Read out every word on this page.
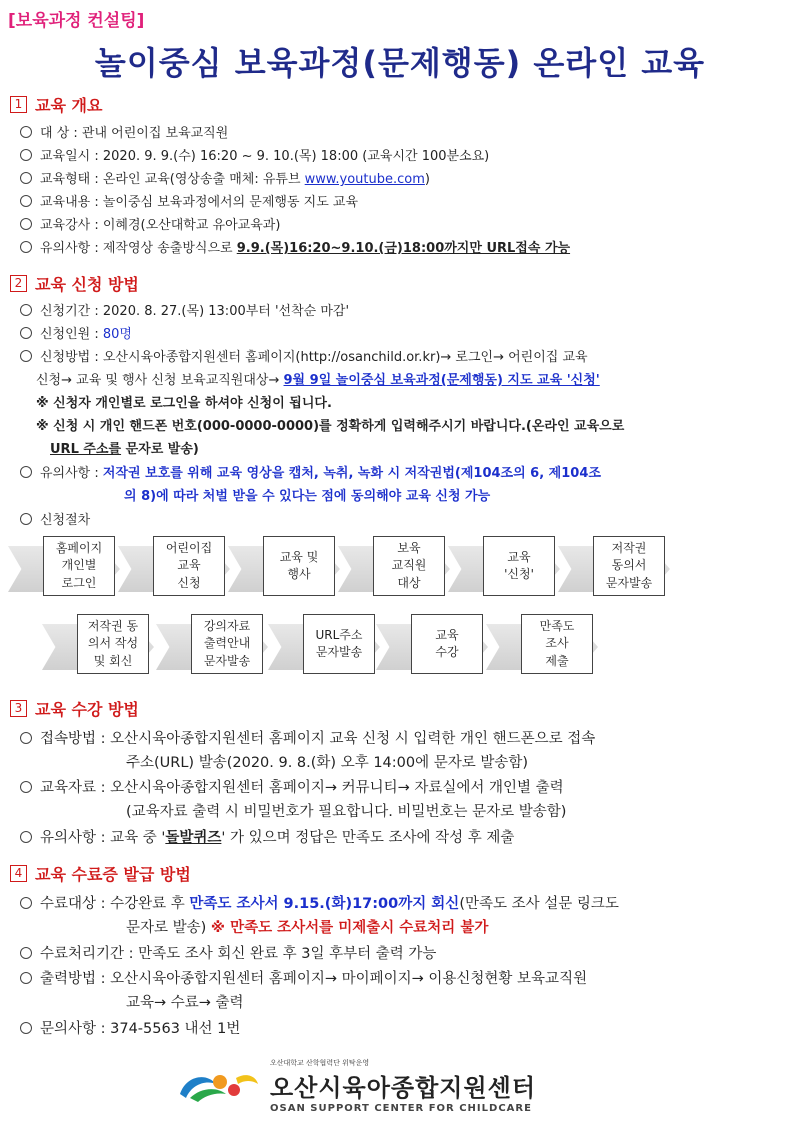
[보육과정 컨설팅]
놀이중심 보육과정(문제행동) 온라인 교육
1 교육 개요
대 상 : 관내 어린이집 보육교직원
교육일시 : 2020. 9. 9.(수) 16:20 ~ 9. 10.(목) 18:00 (교육시간 100분소요)
교육형태 : 온라인 교육(영상송출 매체: 유튜브 www.youtube.com)
교육내용 : 놀이중심 보육과정에서의 문제행동 지도 교육
교육강사 : 이혜경(오산대학교 유아교육과)
유의사항 : 제작영상 송출방식으로 9.9.(목)16:20~9.10.(금)18:00까지만 URL접속 가능
2 교육 신청 방법
신청기간 : 2020. 8. 27.(목) 13:00부터 '선착순 마감'
신청인원 : 80명
신청방법 : 오산시육아종합지원센터 홈페이지(http://osanchild.or.kr)→ 로그인→ 어린이집 교육
신청→ 교육 및 행사 신청 보육교직원대상→ 9월 9일 놀이중심 보육과정(문제행동) 지도 교육 '신청'
※ 신청자 개인별로 로그인을 하셔야 신청이 됩니다.
※ 신청 시 개인 핸드폰 번호(000-0000-0000)를 정확하게 입력해주시기 바랍니다.(온라인 교육으로
URL 주소를 문자로 발송)
유의사항 : 저작권 보호를 위해 교육 영상을 캡처, 녹취, 녹화 시 저작권법(제104조의 6, 제104조
의 8)에 따라 처벌 받을 수 있다는 점에 동의해야 교육 신청 가능
신청절차
홈페이지
개인별
로그인
어린이집
교육
신청
교육 및
행사
보육
교직원
대상
교육
'신청'
저작권
동의서
문자발송
저작권 동
의서 작성
및 회신
강의자료
출력안내
문자발송
URL주소
문자발송
교육
수강
만족도
조사
제출
3 교육 수강 방법
접속방법 : 오산시육아종합지원센터 홈페이지 교육 신청 시 입력한 개인 핸드폰으로 접속
주소(URL) 발송(2020. 9. 8.(화) 오후 14:00에 문자로 발송함)
교육자료 : 오산시육아종합지원센터 홈페이지→ 커뮤니티→ 자료실에서 개인별 출력
(교육자료 출력 시 비밀번호가 필요합니다. 비밀번호는 문자로 발송함)
유의사항 : 교육 중 '돌발퀴즈' 가 있으며 정답은 만족도 조사에 작성 후 제출
4 교육 수료증 발급 방법
수료대상 : 수강완료 후 만족도 조사서 9.15.(화)17:00까지 회신(만족도 조사 설문 링크도
문자로 발송) ※ 만족도 조사서를 미제출시 수료처리 불가
수료처리기간 : 만족도 조사 회신 완료 후 3일 후부터 출력 가능
출력방법 : 오산시육아종합지원센터 홈페이지→ 마이페이지→ 이용신청현황 보육교직원
교육→ 수료→ 출력
문의사항 : 374-5563 내선 1번
오산대학교 산학협력단 위탁운영
오산시육아종합지원센터
OSAN SUPPORT CENTER FOR CHILDCARE
